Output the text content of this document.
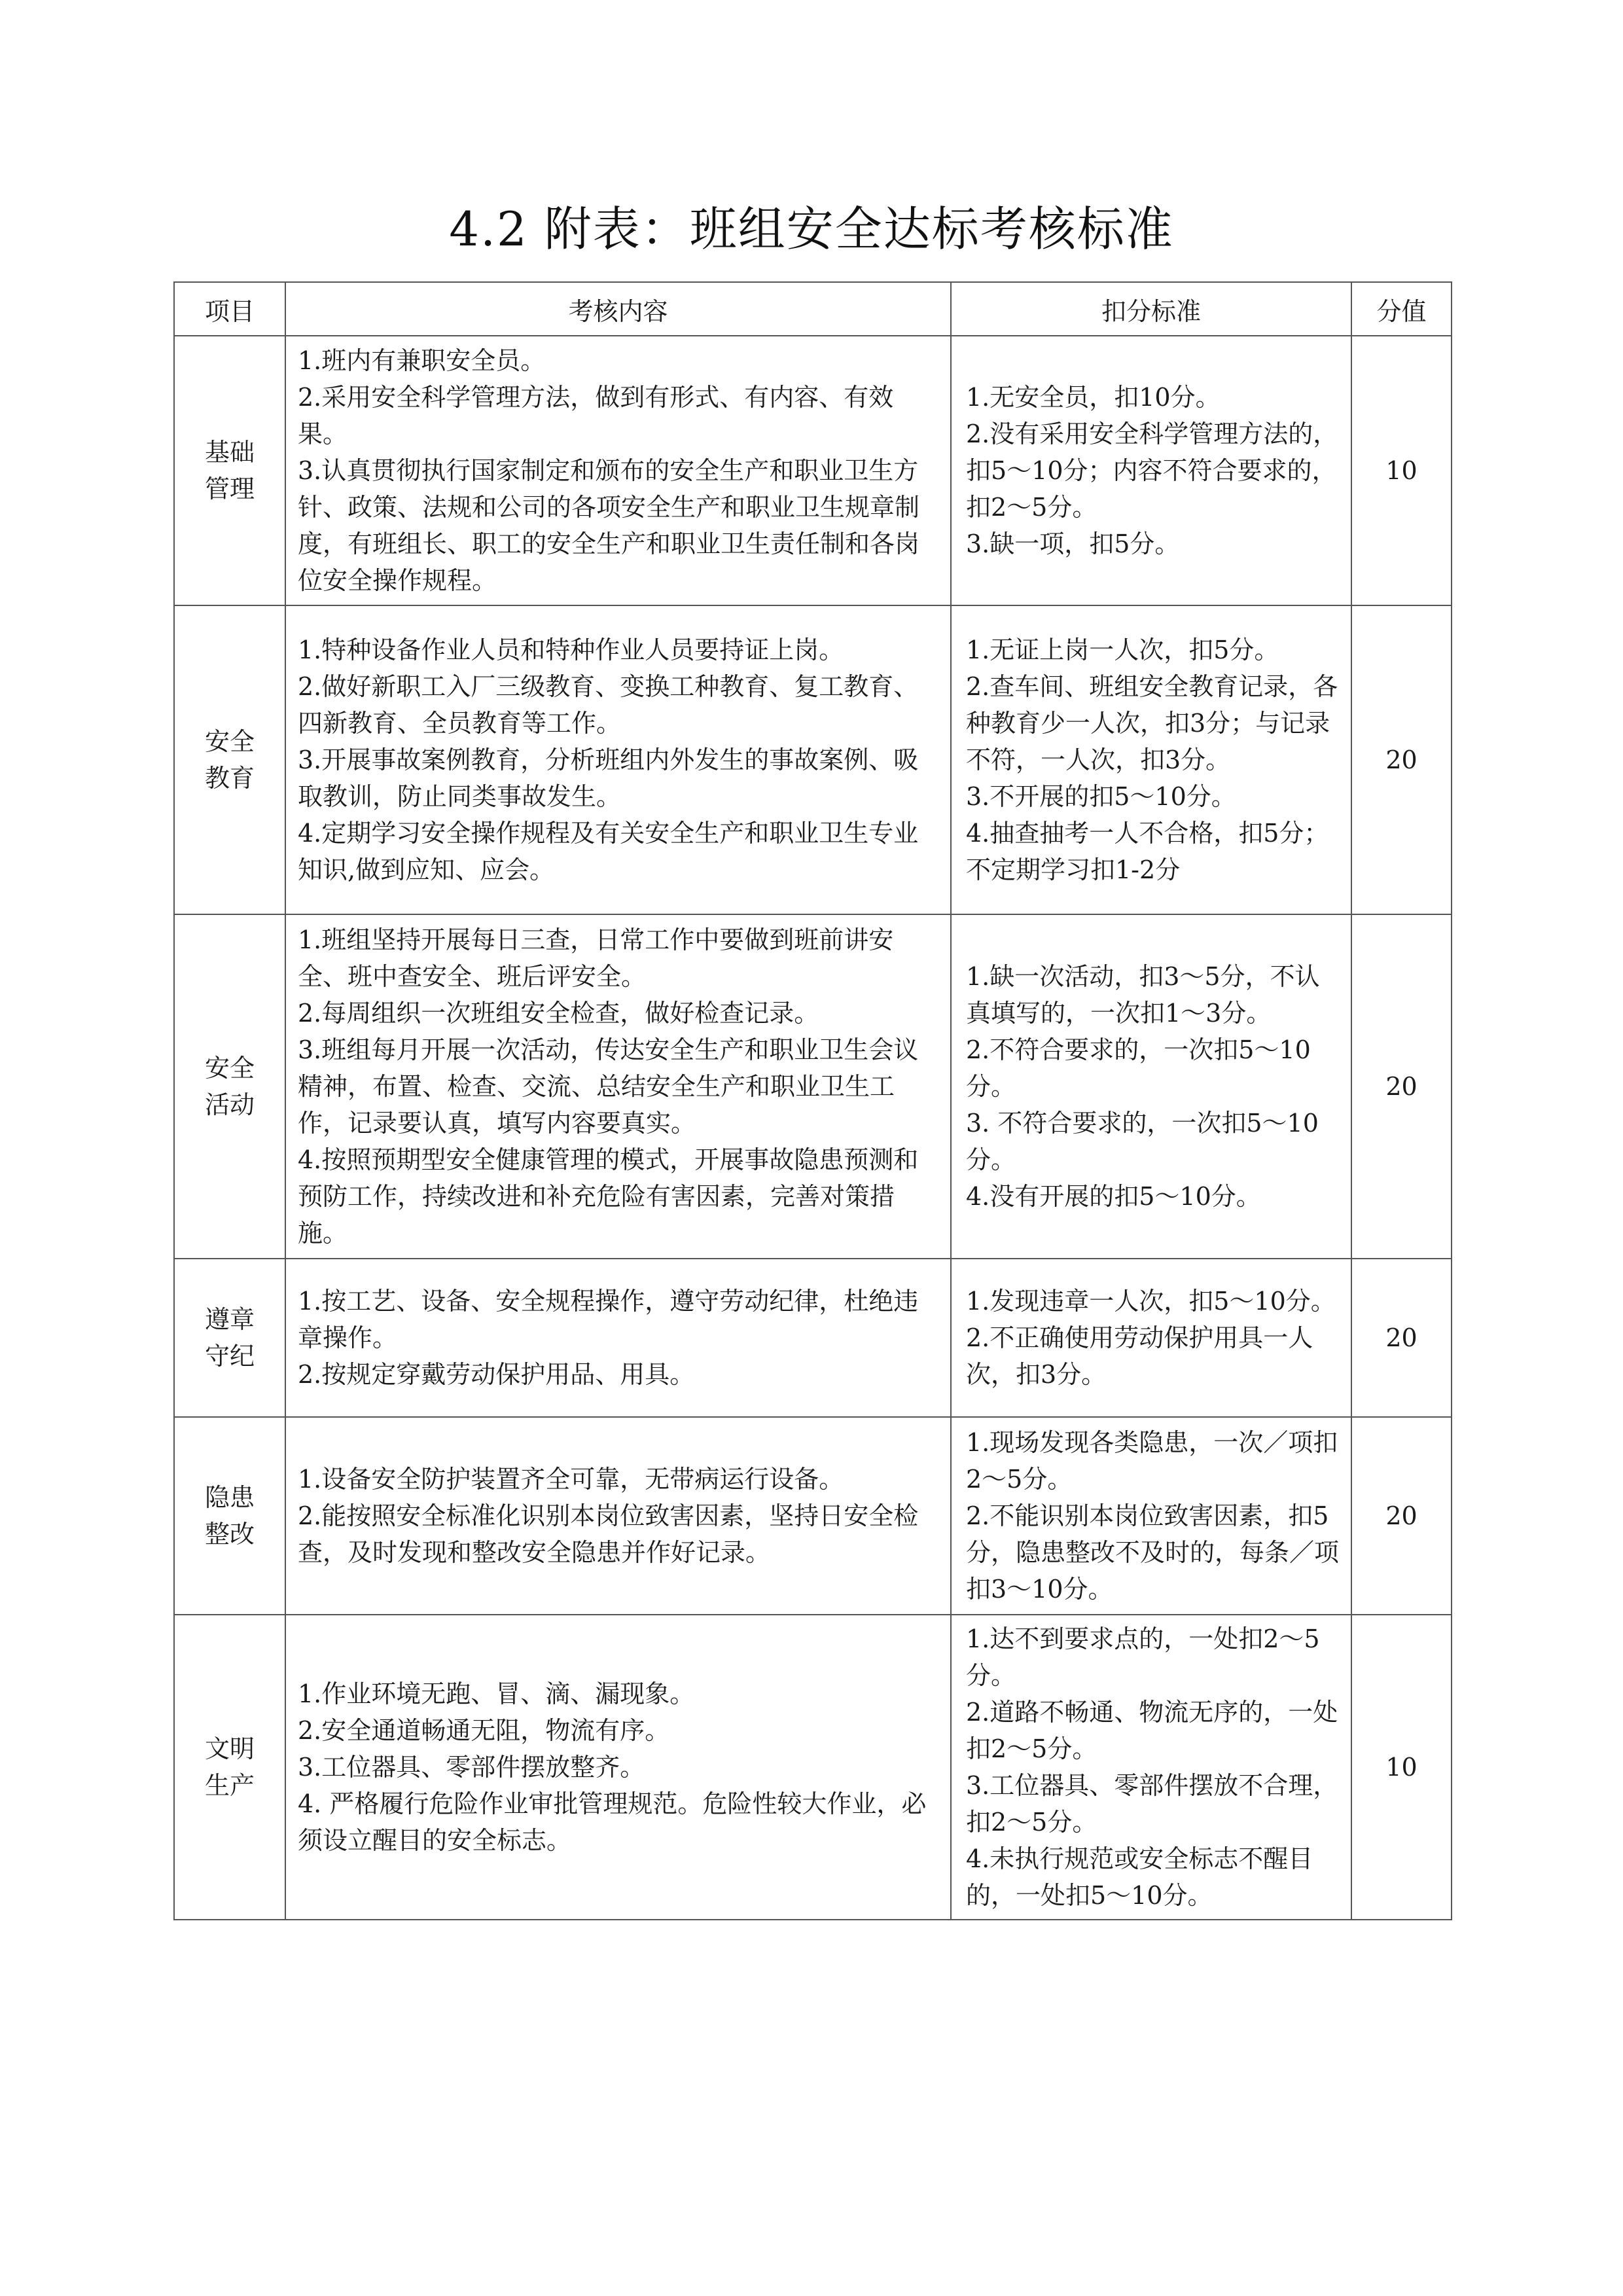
4.2 附表：班组安全达标考核标准
项目	考核内容	扣分标准	分值

基础
管理	1.班内有兼职安全员。
2.采用安全科学管理方法，做到有形式、有内容、有效果。
3.认真贯彻执行国家制定和颁布的安全生产和职业卫生方针、政策、法规和公司的各项安全生产和职业卫生规章制度，有班组长、职工的安全生产和职业卫生责任制和各岗位安全操作规程。	1.无安全员，扣10分。
2.没有采用安全科学管理方法的，扣5～10分；内容不符合要求的，扣2～5分。
3.缺一项，扣5分。	10

安全
教育	1.特种设备作业人员和特种作业人员要持证上岗。
2.做好新职工入厂三级教育、变换工种教育、复工教育、四新教育、全员教育等工作。
3.开展事故案例教育，分析班组内外发生的事故案例、吸取教训，防止同类事故发生。
4.定期学习安全操作规程及有关安全生产和职业卫生专业知识,做到应知、应会。	1.无证上岗一人次，扣5分。
2.查车间、班组安全教育记录，各种教育少一人次，扣3分；与记录不符，一人次，扣3分。
3.不开展的扣5～10分。
4.抽查抽考一人不合格，扣5分；不定期学习扣1-2分	20

安全
活动	1.班组坚持开展每日三查，日常工作中要做到班前讲安全、班中查安全、班后评安全。
2.每周组织一次班组安全检查，做好检查记录。
3.班组每月开展一次活动，传达安全生产和职业卫生会议精神，布置、检查、交流、总结安全生产和职业卫生工作，记录要认真，填写内容要真实。
4.按照预期型安全健康管理的模式，开展事故隐患预测和预防工作，持续改进和补充危险有害因素，完善对策措施。	1.缺一次活动，扣3～5分，不认真填写的，一次扣1～3分。
2.不符合要求的，一次扣5～10分。
3. 不符合要求的，一次扣5～10分。
4.没有开展的扣5～10分。	20

遵章
守纪	1.按工艺、设备、安全规程操作，遵守劳动纪律，杜绝违章操作。
2.按规定穿戴劳动保护用品、用具。	1.发现违章一人次，扣5～10分。
2.不正确使用劳动保护用具一人次，扣3分。	20

隐患
整改	1.设备安全防护装置齐全可靠，无带病运行设备。
2.能按照安全标准化识别本岗位致害因素，坚持日安全检查，及时发现和整改安全隐患并作好记录。	1.现场发现各类隐患，一次／项扣2～5分。
2.不能识别本岗位致害因素，扣5分，隐患整改不及时的，每条／项扣3～10分。	20

文明
生产	1.作业环境无跑、冒、滴、漏现象。
2.安全通道畅通无阻，物流有序。
3.工位器具、零部件摆放整齐。
4. 严格履行危险作业审批管理规范。危险性较大作业，必须设立醒目的安全标志。	1.达不到要求点的，一处扣2～5分。
2.道路不畅通、物流无序的，一处扣2～5分。
3.工位器具、零部件摆放不合理，扣2～5分。
4.未执行规范或安全标志不醒目的，一处扣5～10分。	10
